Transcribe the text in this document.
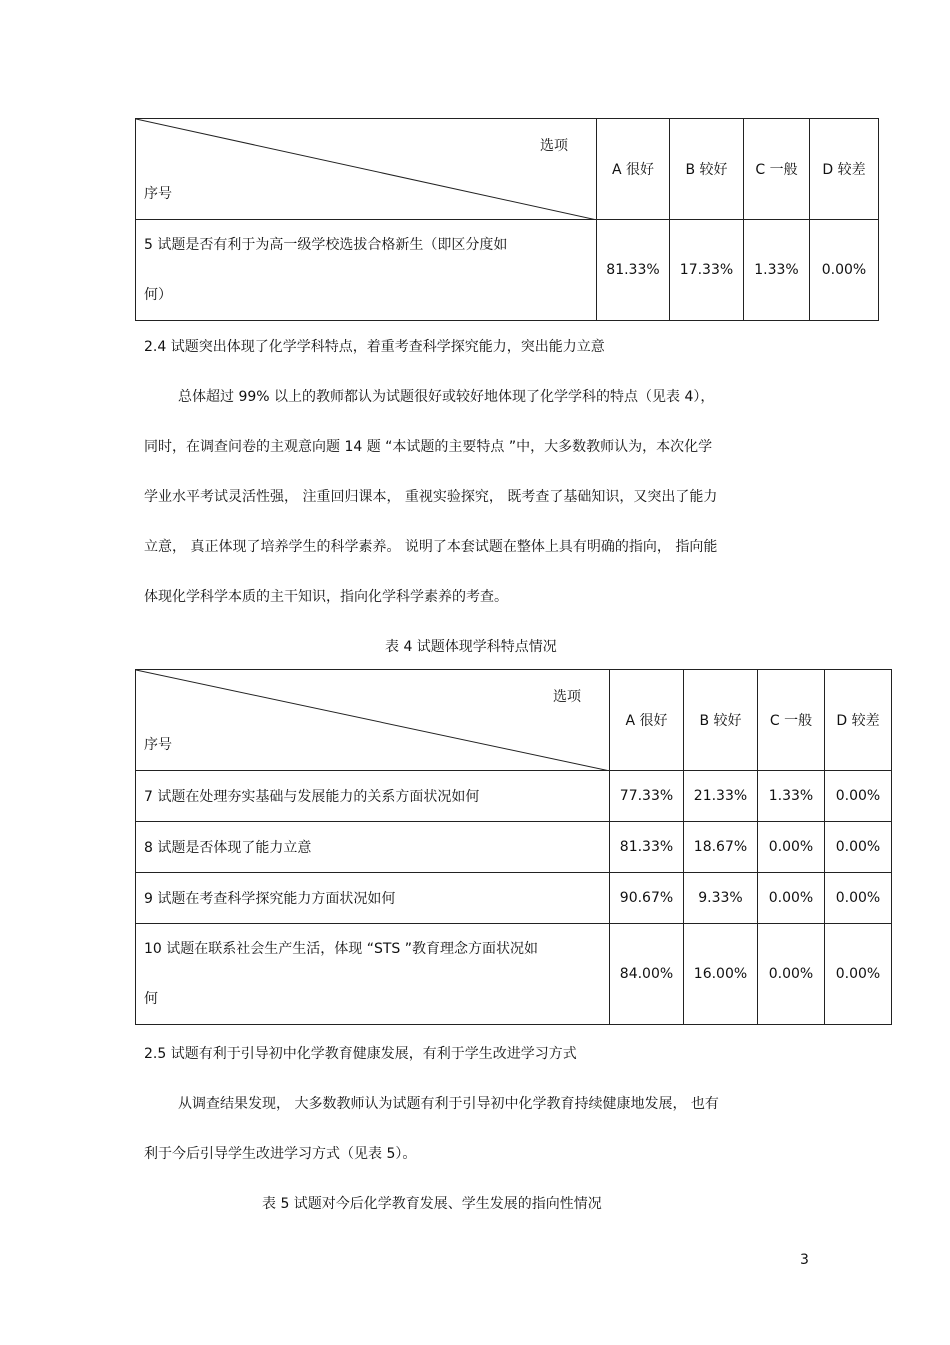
选项
序号	A 很好	B 较好	C 一般	D 较差

5 试题是否有利于为高一级学校选拔合格新生（即区分度如
何）	81.33%	17.33%	1.33%	0.00%
2.4 试题突出体现了化学学科特点，着重考查科学探究能力，突出能力立意
总体超过 99% 以上的教师都认为试题很好或较好地体现了化学学科的特点（见表 4），
同时，在调查问卷的主观意向题 14 题 “本试题的主要特点 ”中，大多数教师认为，本次化学
学业水平考试灵活性强， 注重回归课本， 重视实验探究， 既考查了基础知识，又突出了能力
立意， 真正体现了培养学生的科学素养。 说明了本套试题在整体上具有明确的指向， 指向能
体现化学科学本质的主干知识，指向化学科学素养的考查。
表 4 试题体现学科特点情况
选项
序号	A 很好	B 较好	C 一般	D 较差
7 试题在处理夯实基础与发展能力的关系方面状况如何	77.33%	21.33%	1.33%	0.00%
8 试题是否体现了能力立意	81.33%	18.67%	0.00%	0.00%
9 试题在考查科学探究能力方面状况如何	90.67%	9.33%	0.00%	0.00%

10 试题在联系社会生产生活，体现 “STS ”教育理念方面状况如
何	84.00%	16.00%	0.00%	0.00%
2.5 试题有利于引导初中化学教育健康发展，有利于学生改进学习方式
从调查结果发现， 大多数教师认为试题有利于引导初中化学教育持续健康地发展， 也有
利于今后引导学生改进学习方式（见表 5）。
表 5 试题对今后化学教育发展、学生发展的指向性情况
3
